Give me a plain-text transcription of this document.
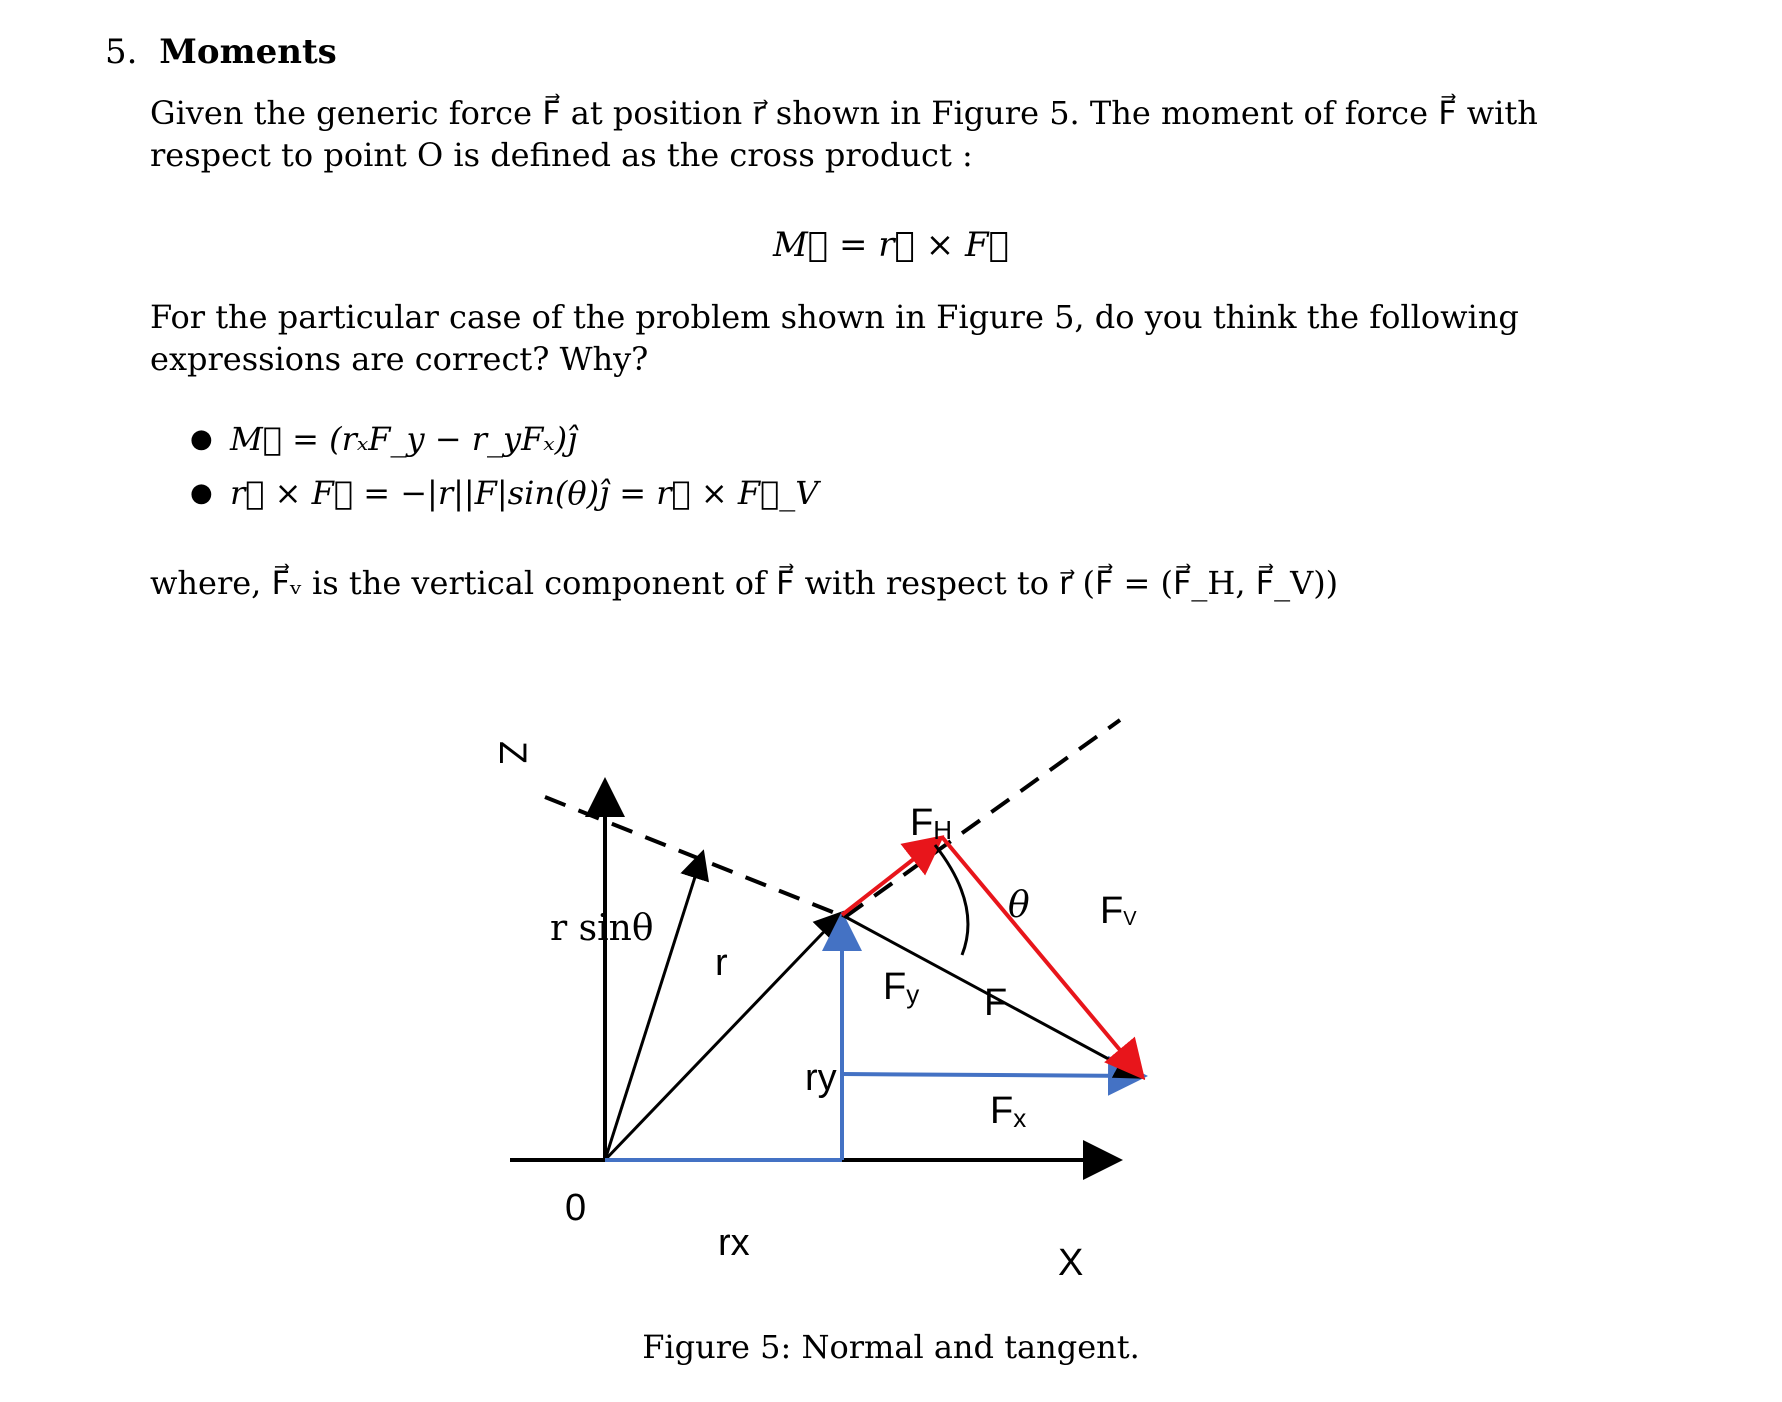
5. Moments
Given the generic force F⃗ at position r⃗ shown in Figure 5. The moment of force F⃗ with respect to point O is defined as the cross product :
M⃗ = r⃗ × F⃗
For the particular case of the problem shown in Figure 5, do you think the following expressions are correct? Why?
● M⃗ = (rₓF_y − r_yFₓ)ĵ
● r⃗ × F⃗ = −|r||F|sin(θ)ĵ = r⃗ × F⃗_V
where, F⃗ᵥ is the vertical component of F⃗ with respect to r⃗ (F⃗ = (F⃗_H, F⃗_V))
Z
0
X
r
r sinθ
rx
ry
FH
FV
Fy
Fx
F
θ
Figure 5: Normal and tangent.
